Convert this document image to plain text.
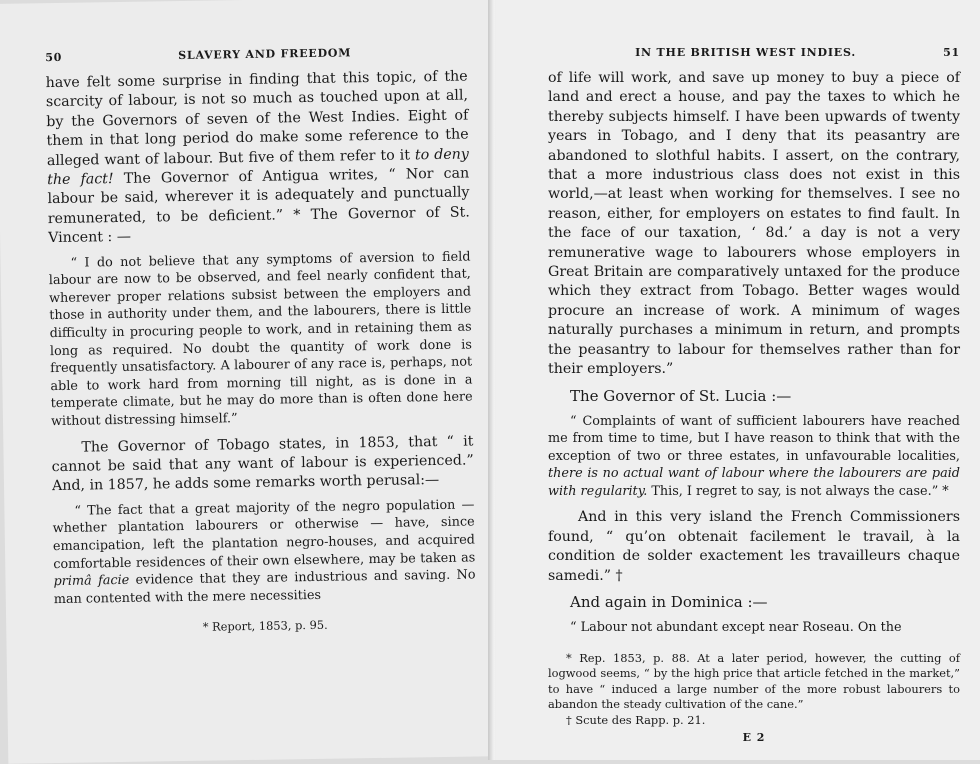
50	SLAVERY AND FREEDOM

have felt some surprise in finding that this topic, of the scarcity of labour, is not so much as touched upon at all, by the Governors of seven of the West Indies. Eight of them in that long period do make some reference to the alleged want of labour. But five of them refer to it to deny the fact! The Governor of Antigua writes, “ Nor can labour be said, wherever it is adequately and punctually remunerated, to be deficient.” * The Governor of St. Vincent : —

“ I do not believe that any symptoms of aversion to field labour are now to be observed, and feel nearly confident that, wherever proper relations subsist between the employers and those in authority under them, and the labourers, there is little difficulty in procuring people to work, and in retaining them as long as required. No doubt the quantity of work done is frequently unsatisfactory. A labourer of any race is, perhaps, not able to work hard from morning till night, as is done in a temperate climate, but he may do more than is often done here without distressing himself.”

The Governor of Tobago states, in 1853, that “ it cannot be said that any want of labour is experienced.” And, in 1857, he adds some remarks worth perusal:—

“ The fact that a great majority of the negro population — whether plantation labourers or otherwise — have, since emancipation, left the plantation negro-houses, and acquired comfortable residences of their own elsewhere, may be taken as primâ facie evidence that they are industrious and saving. No man contented with the mere necessities

* Report, 1853, p. 95.

IN THE BRITISH WEST INDIES.	51

of life will work, and save up money to buy a piece of land and erect a house, and pay the taxes to which he thereby subjects himself. I have been upwards of twenty years in Tobago, and I deny that its peasantry are abandoned to slothful habits. I assert, on the contrary, that a more industrious class does not exist in this world,—at least when working for themselves. I see no reason, either, for employers on estates to find fault. In the face of our taxation, ‘ 8d.’ a day is not a very remunerative wage to labourers whose employers in Great Britain are comparatively untaxed for the produce which they extract from Tobago. Better wages would procure an increase of work. A minimum of wages naturally purchases a minimum in return, and prompts the peasantry to labour for themselves rather than for their employers.”

The Governor of St. Lucia :—

“ Complaints of want of sufficient labourers have reached me from time to time, but I have reason to think that with the exception of two or three estates, in unfavourable localities, there is no actual want of labour where the labourers are paid with regularity. This, I regret to say, is not always the case.” *

And in this very island the French Commissioners found, “ qu’on obtenait facilement le travail, à la condition de solder exactement les travailleurs chaque samedi.” †

And again in Dominica :—

“ Labour not abundant except near Roseau. On the

* Rep. 1853, p. 88. At a later period, however, the cutting of logwood seems, “ by the high price that article fetched in the market,” to have “ induced a large number of the more robust labourers to abandon the steady cultivation of the cane.”

† Scute des Rapp. p. 21.

E 2
